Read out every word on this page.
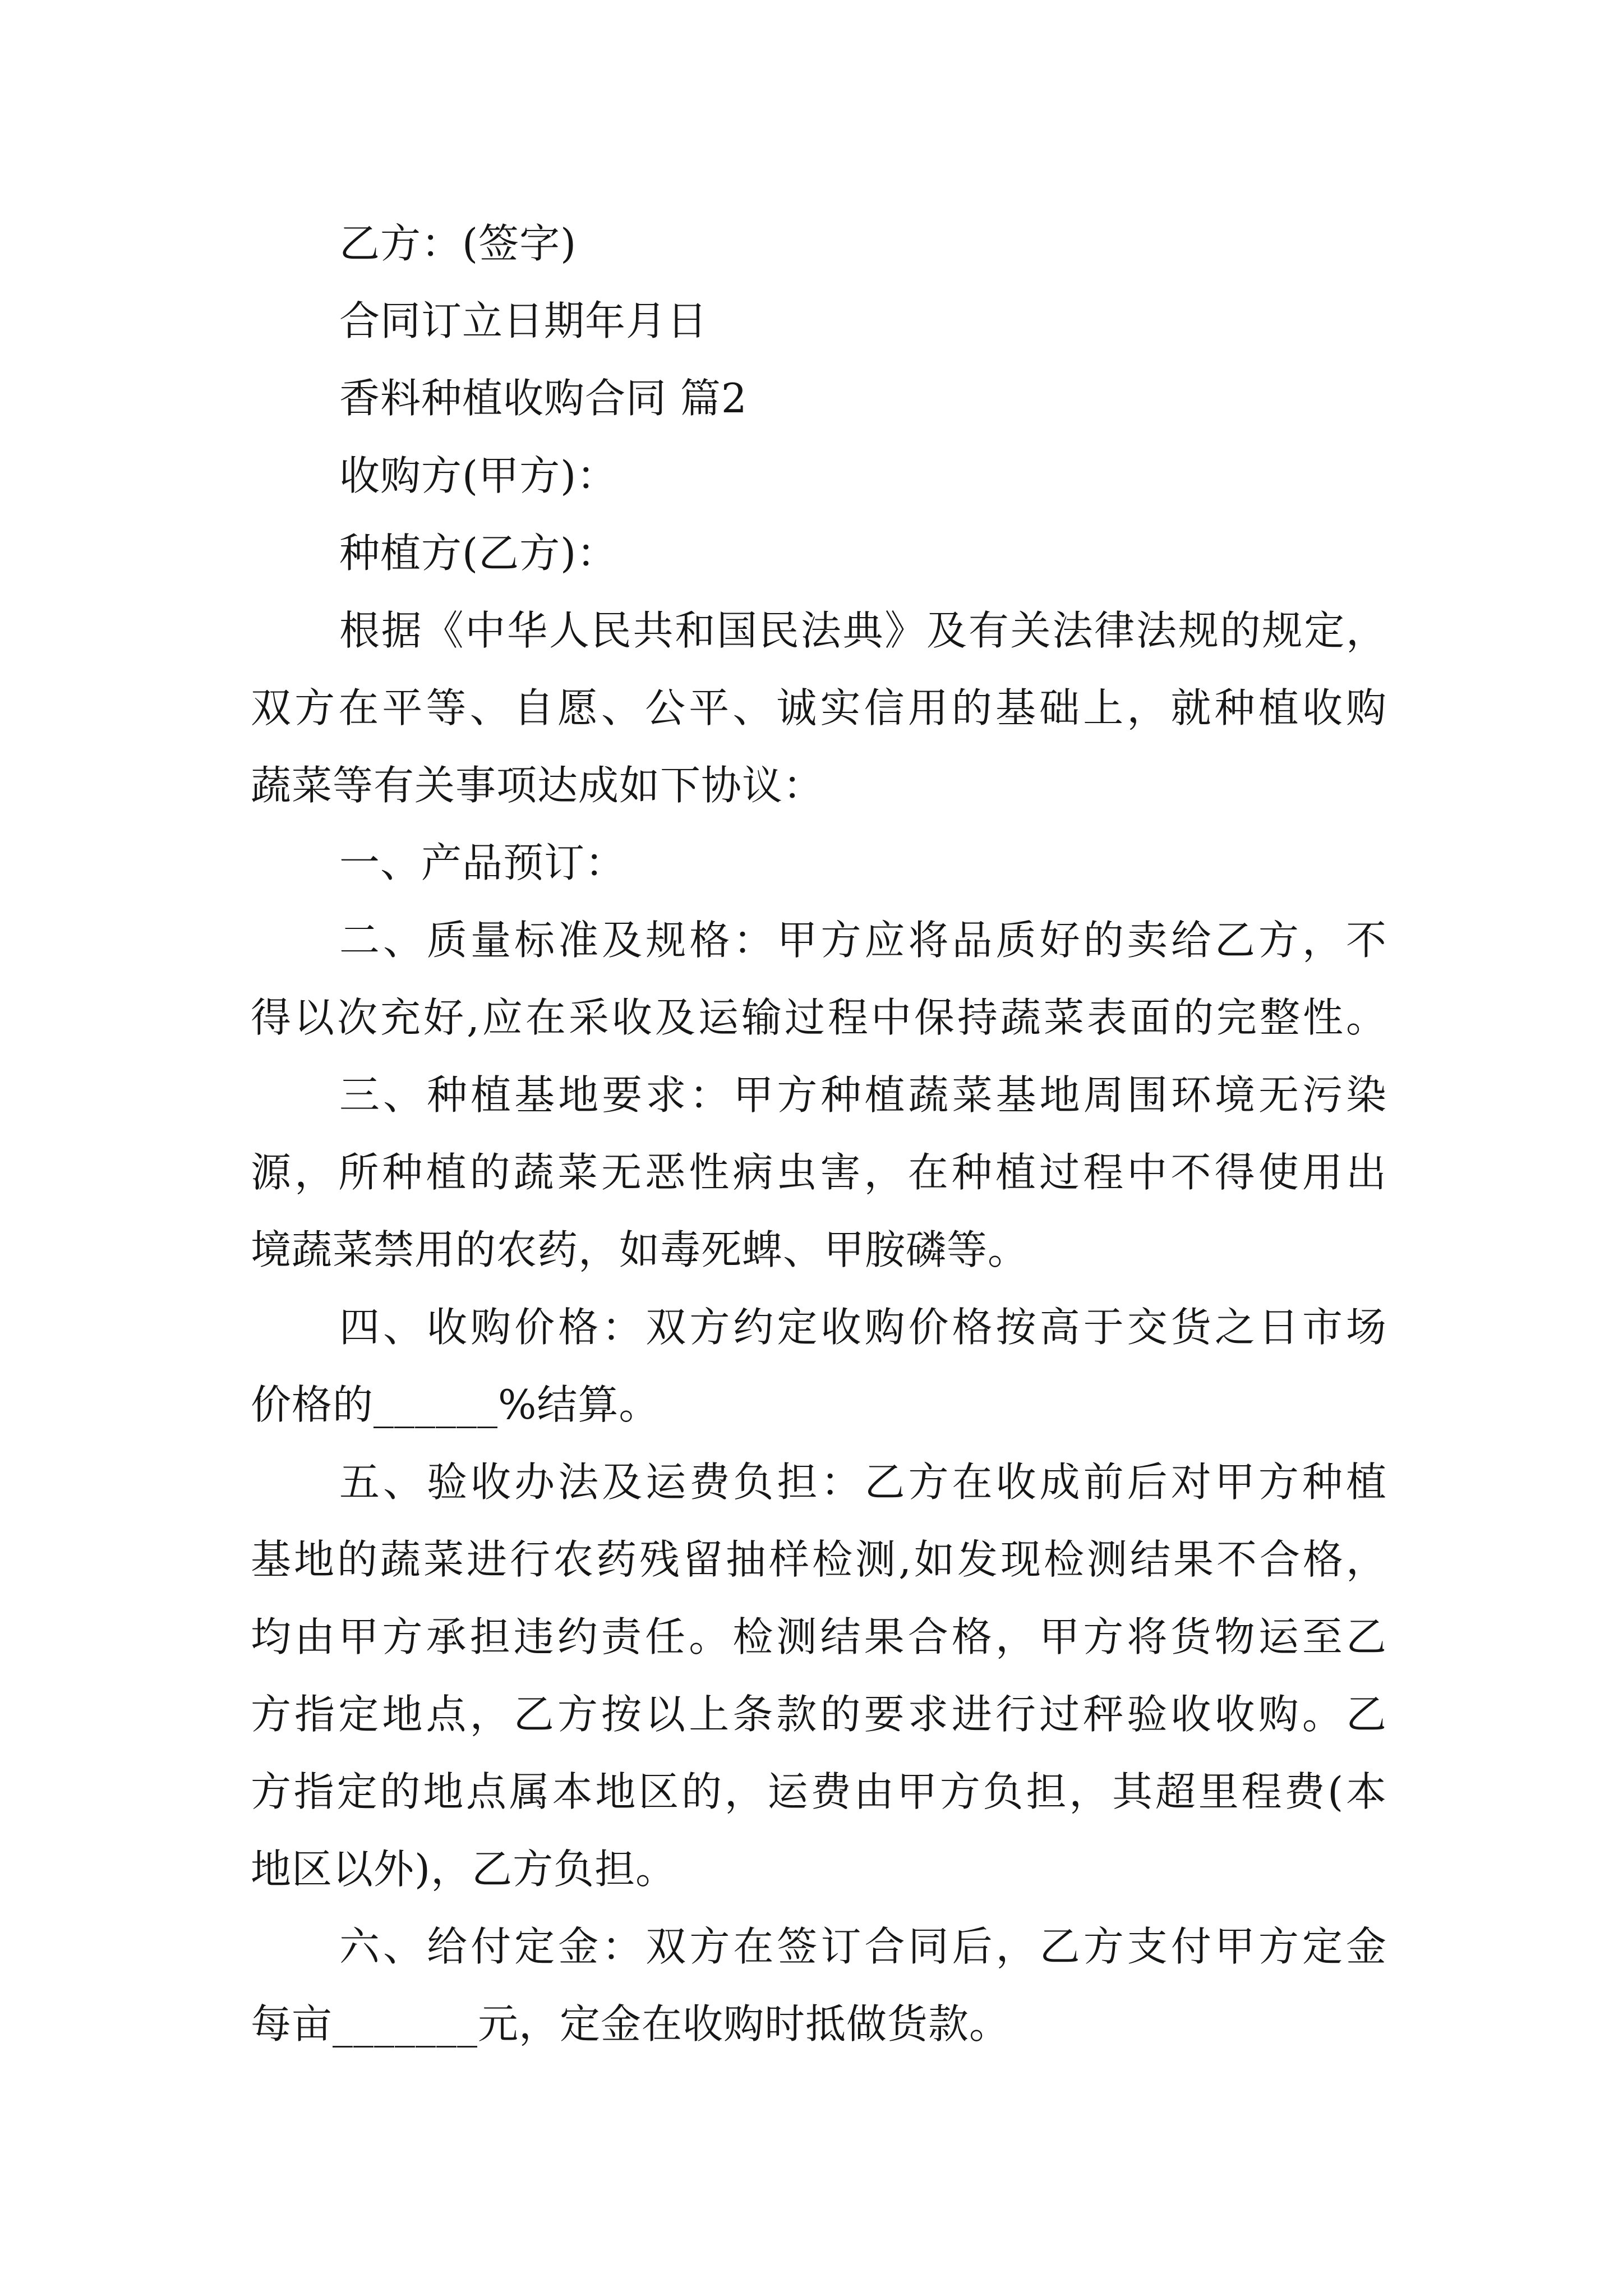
乙方：(签字)
合同订立日期年月日
香料种植收购合同 篇2
收购方(甲方)：
种植方(乙方)：
根据《中华人民共和国民法典》及有关法律法规的规定，
双方在平等、自愿、公平、诚实信用的基础上，就种植收购
蔬菜等有关事项达成如下协议：
一、产品预订：
二、质量标准及规格：甲方应将品质好的卖给乙方，不
得以次充好,应在采收及运输过程中保持蔬菜表面的完整性。
三、种植基地要求：甲方种植蔬菜基地周围环境无污染
源，所种植的蔬菜无恶性病虫害，在种植过程中不得使用出
境蔬菜禁用的农药，如毒死蜱、甲胺磷等。
四、收购价格：双方约定收购价格按高于交货之日市场
价格的______%结算。
五、验收办法及运费负担：乙方在收成前后对甲方种植
基地的蔬菜进行农药残留抽样检测,如发现检测结果不合格，
均由甲方承担违约责任。检测结果合格，甲方将货物运至乙
方指定地点，乙方按以上条款的要求进行过秤验收收购。乙
方指定的地点属本地区的，运费由甲方负担，其超里程费(本
地区以外)，乙方负担。
六、给付定金：双方在签订合同后，乙方支付甲方定金
每亩_______元，定金在收购时抵做货款。
